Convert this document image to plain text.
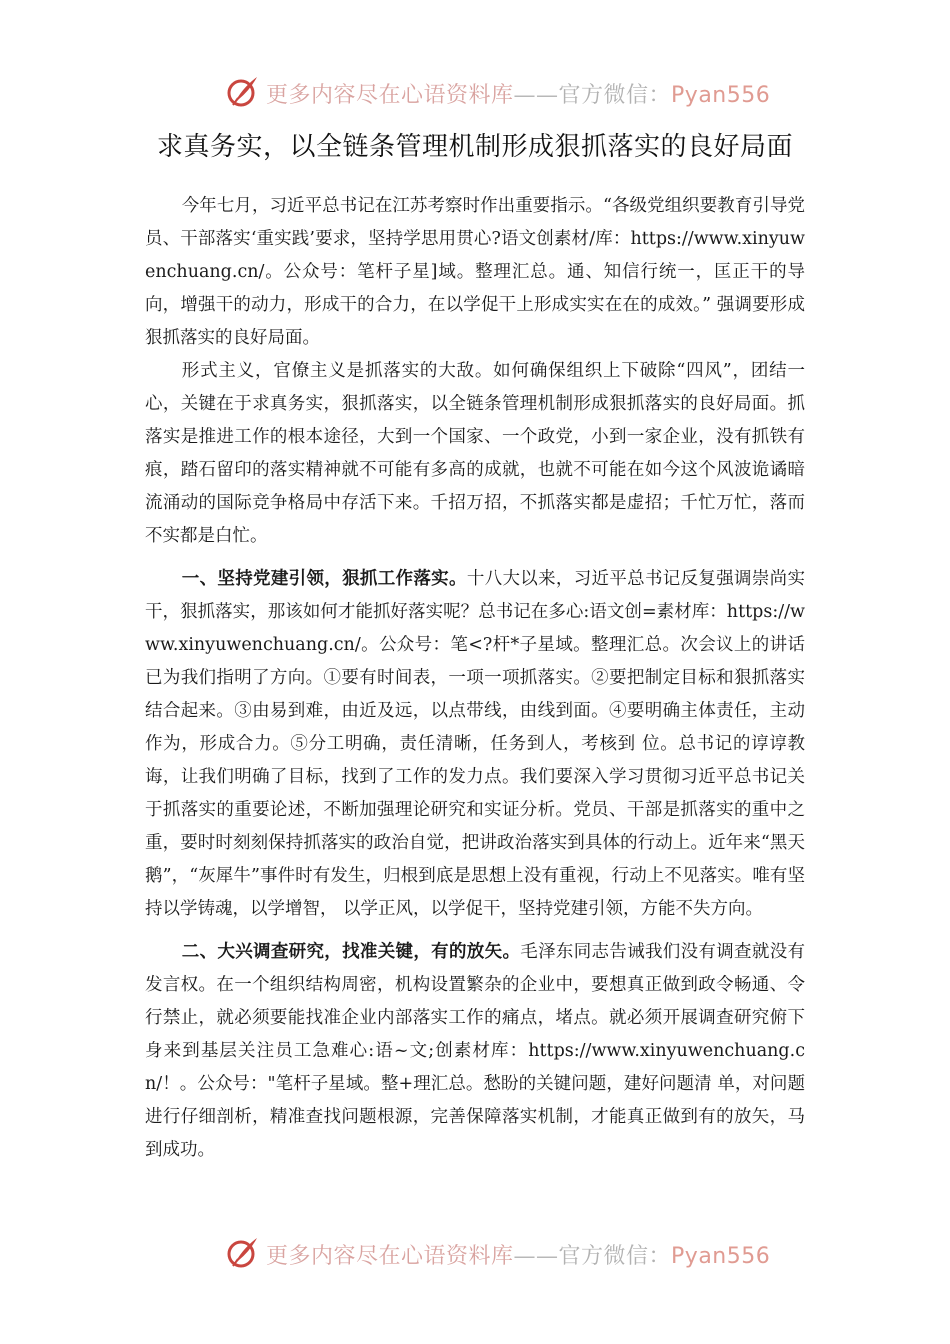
更多内容尽在心语资料库——官方微信：Pyan556
求真务实，以全链条管理机制形成狠抓落实的良好局面

今年七月，习近平总书记在江苏考察时作出重要指示。“各级党组织要教育引导党员、干部落实‘重实践’要求，坚持学思用贯心?语文创素材/库：https://www.xinyuwenchuang.cn/。公众号：笔杆子星]域。整理汇总。通、知信行统一，匡正干的导向，增强干的动力，形成干的合力，在以学促干上形成实实在在的成效。” 强调要形成狠抓落实的良好局面。

形式主义，官僚主义是抓落实的大敌。如何确保组织上下破除“四风”，团结一心，关键在于求真务实，狠抓落实，以全链条管理机制形成狠抓落实的良好局面。抓落实是推进工作的根本途径，大到一个国家、一个政党，小到一家企业，没有抓铁有痕，踏石留印的落实精神就不可能有多高的成就，也就不可能在如今这个风波诡谲暗流涌动的国际竞争格局中存活下来。千招万招，不抓落实都是虚招；千忙万忙，落而不实都是白忙。

一、坚持党建引领，狠抓工作落实。十八大以来，习近平总书记反复强调崇尚实干，狠抓落实，那该如何才能抓好落实呢？总书记在多心:语文创=素材库：https://www.xinyuwenchuang.cn/。公众号：笔<?杆*子星域。整理汇总。次会议上的讲话已为我们指明了方向。①要有时间表，一项一项抓落实。②要把制定目标和狠抓落实结合起来。③由易到难，由近及远，以点带线，由线到面。④要明确主体责任，主动作为，形成合力。⑤分工明确，责任清晰，任务到人，考核到 位。总书记的谆谆教诲，让我们明确了目标，找到了工作的发力点。我们要深入学习贯彻习近平总书记关于抓落实的重要论述，不断加强理论研究和实证分析。党员、干部是抓落实的重中之重，要时时刻刻保持抓落实的政治自觉，把讲政治落实到具体的行动上。近年来“黑天鹅”，“灰犀牛”事件时有发生，归根到底是思想上没有重视，行动上不见落实。唯有坚持以学铸魂，以学增智， 以学正风，以学促干，坚持党建引领，方能不失方向。

二、大兴调查研究，找准关键，有的放矢。毛泽东同志告诫我们没有调查就没有发言权。在一个组织结构周密，机构设置繁杂的企业中，要想真正做到政令畅通、令行禁止，就必须要能找准企业内部落实工作的痛点，堵点。就必须开展调查研究俯下身来到基层关注员工急难心:语~文;创素材库：https://www.xinyuwenchuang.cn/！。公众号："笔杆子星域。整+理汇总。愁盼的关键问题，建好问题清 单，对问题进行仔细剖析，精准查找问题根源，完善保障落实机制，才能真正做到有的放矢，马到成功。

更多内容尽在心语资料库——官方微信：Pyan556
